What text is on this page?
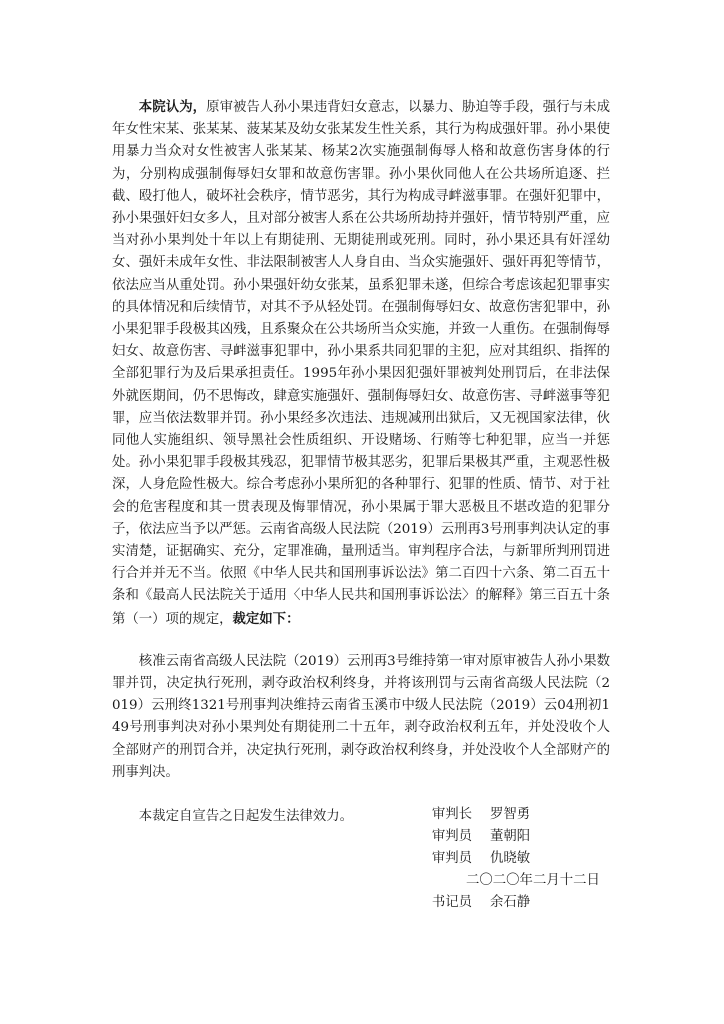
本院认为，原审被告人孙小果违背妇女意志，以暴力、胁迫等手段，强行与未成年女性宋某、张某某、菠某某及幼女张某发生性关系，其行为构成强奸罪。孙小果使用暴力当众对女性被害人张某某、杨某2次实施强制侮辱人格和故意伤害身体的行为，分别构成强制侮辱妇女罪和故意伤害罪。孙小果伙同他人在公共场所追逐、拦截、殴打他人，破坏社会秩序，情节恶劣，其行为构成寻衅滋事罪。在强奸犯罪中，孙小果强奸妇女多人，且对部分被害人系在公共场所劫持并强奸，情节特别严重，应当对孙小果判处十年以上有期徒刑、无期徒刑或死刑。同时，孙小果还具有奸淫幼女、强奸未成年女性、非法限制被害人人身自由、当众实施强奸、强奸再犯等情节，依法应当从重处罚。孙小果强奸幼女张某，虽系犯罪未遂，但综合考虑该起犯罪事实的具体情况和后续情节，对其不予从轻处罚。在强制侮辱妇女、故意伤害犯罪中，孙小果犯罪手段极其凶残，且系聚众在公共场所当众实施，并致一人重伤。在强制侮辱妇女、故意伤害、寻衅滋事犯罪中，孙小果系共同犯罪的主犯，应对其组织、指挥的全部犯罪行为及后果承担责任。1995年孙小果因犯强奸罪被判处刑罚后，在非法保外就医期间，仍不思悔改，肆意实施强奸、强制侮辱妇女、故意伤害、寻衅滋事等犯罪，应当依法数罪并罚。孙小果经多次违法、违规减刑出狱后，又无视国家法律，伙同他人实施组织、领导黑社会性质组织、开设赌场、行贿等七种犯罪，应当一并惩处。孙小果犯罪手段极其残忍，犯罪情节极其恶劣，犯罪后果极其严重，主观恶性极深，人身危险性极大。综合考虑孙小果所犯的各种罪行、犯罪的性质、情节、对于社会的危害程度和其一贯表现及悔罪情况，孙小果属于罪大恶极且不堪改造的犯罪分子，依法应当予以严惩。云南省高级人民法院（2019）云刑再3号刑事判决认定的事实清楚，证据确实、充分，定罪准确，量刑适当。审判程序合法，与新罪所判刑罚进行合并并无不当。依照《中华人民共和国刑事诉讼法》第二百四十六条、第二百五十条和《最高人民法院关于适用〈中华人民共和国刑事诉讼法〉的解释》第三百五十条第（一）项的规定，裁定如下：

核准云南省高级人民法院（2019）云刑再3号维持第一审对原审被告人孙小果数罪并罚，决定执行死刑，剥夺政治权利终身，并将该刑罚与云南省高级人民法院（2019）云刑终1321号刑事判决维持云南省玉溪市中级人民法院（2019）云04刑初149号刑事判决对孙小果判处有期徒刑二十五年，剥夺政治权利五年，并处没收个人全部财产的刑罚合并，决定执行死刑，剥夺政治权利终身，并处没收个人全部财产的刑事判决。

本裁定自宣告之日起发生法律效力。	审判长	罗智勇
审判员	董朝阳
审判员	仇晓敏
二〇二〇年二月十二日
书记员	余石静
